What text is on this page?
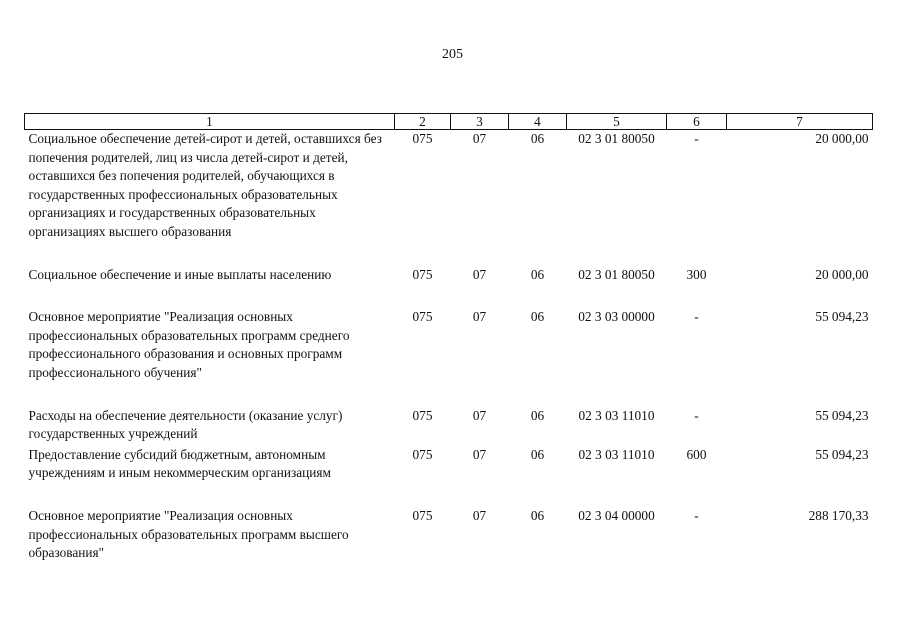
205
1	2	3	4	5	6	7
Социальное обеспечение детей-сирот и детей, оставшихся без попечения родителей, лиц из числа детей-сирот и детей, оставшихся без попечения родителей, обучающихся в государственных профессиональных образовательных организациях и государственных образовательных организациях высшего образования	075	07	06	02 3 01 80050	-	20 000,00
Социальное обеспечение и иные выплаты населению	075	07	06	02 3 01 80050	300	20 000,00
Основное мероприятие "Реализация основных профессиональных образовательных программ среднего профессионального образования и основных программ профессионального обучения"	075	07	06	02 3 03 00000	-	55 094,23
Расходы на обеспечение деятельности (оказание услуг) государственных учреждений	075	07	06	02 3 03 11010	-	55 094,23
Предоставление субсидий бюджетным, автономным учреждениям и иным некоммерческим организациям	075	07	06	02 3 03 11010	600	55 094,23
Основное мероприятие "Реализация основных профессиональных образовательных программ высшего образования"	075	07	06	02 3 04 00000	-	288 170,33
